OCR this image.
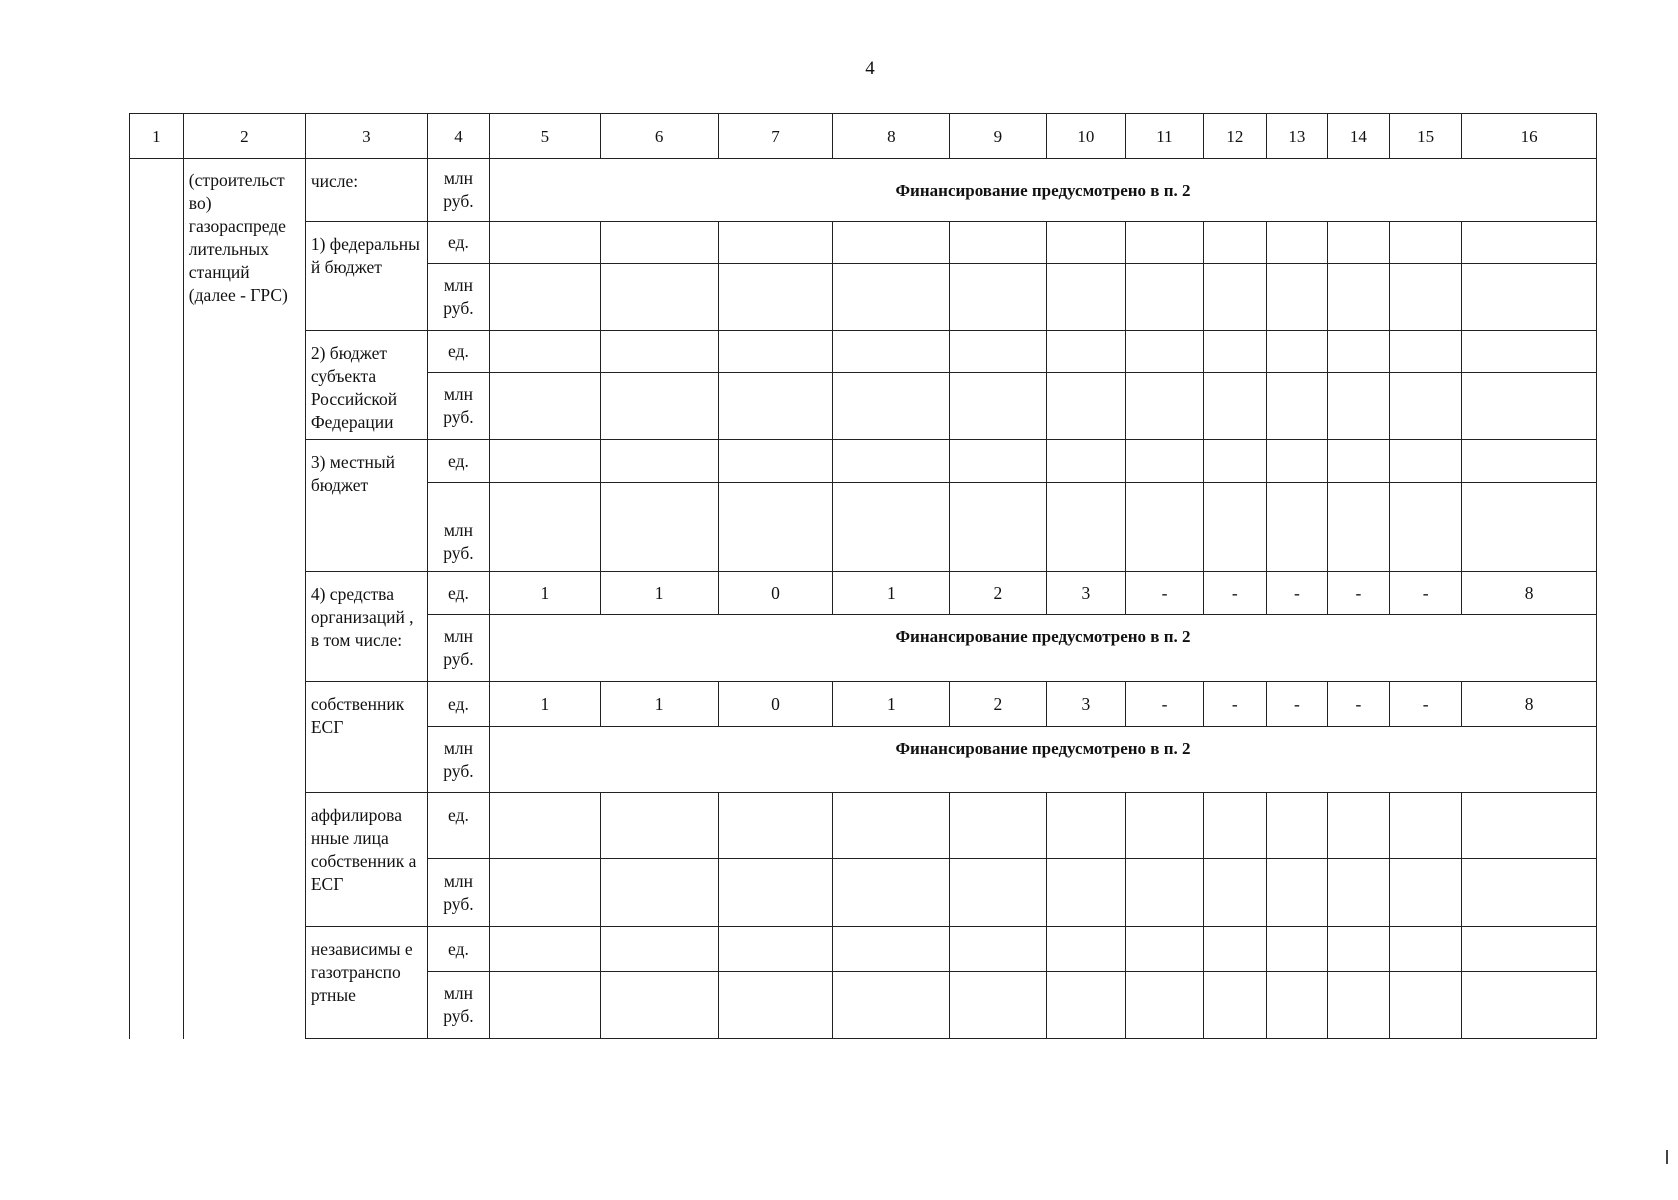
4
1	2	3	4	5	6	7	8	9	10	11	12	13	14	15	16
	(строительст во) газораспреде лительных станций (далее - ГРС)	числе:	млн руб.	Финансирование предусмотрено в п. 2											
		1) федеральны й бюджет	ед.												
			млн руб.												
		2) бюджет субъекта Российской Федерации	ед.												
			млн руб.												
		3) местный бюджет	ед.												
			млн руб.												
		4) средства организаций , в том числе:	ед.	1	1	0	1	2	3	-	-	-	-	-	8
			млн руб.	Финансирование предусмотрено в п. 2											
		собственник ЕСГ	ед.	1	1	0	1	2	3	-	-	-	-	-	8
			млн руб.	Финансирование предусмотрено в п. 2											
		аффилирова нные лица собственник а ЕСГ	ед.												
			млн руб.												
		независимы е газотранспо ртные	ед.												
			млн руб.												
